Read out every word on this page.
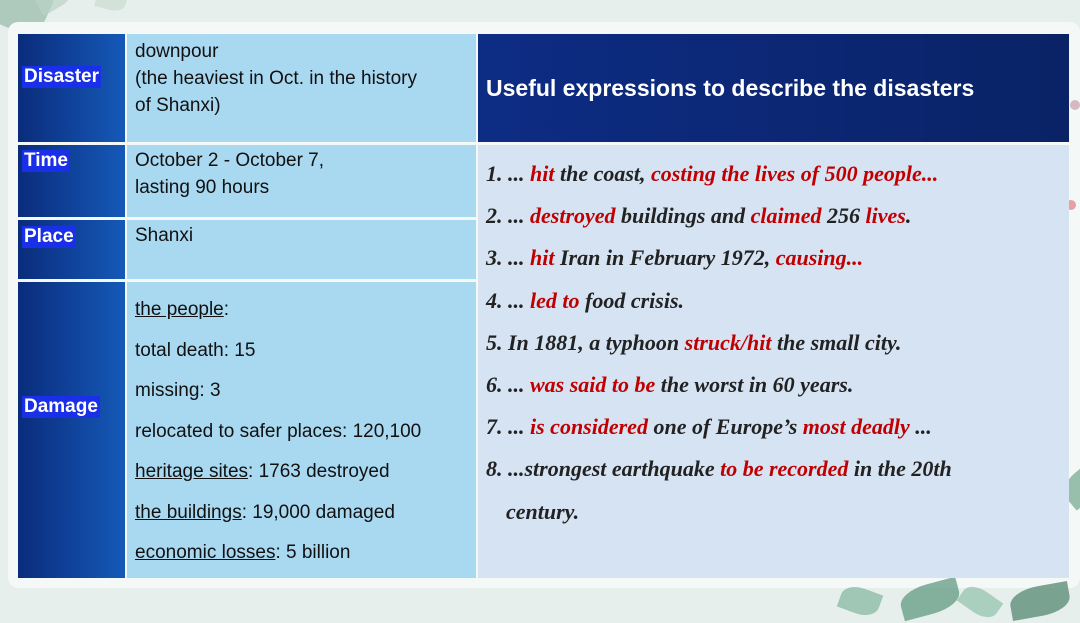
Disaster
downpour
(the heaviest in Oct. in the history
of Shanxi)
Useful expressions to describe the disasters
Time	October 2 - October 7,
lasting 90 hours
Place	Shanxi
Damage
the people:
total death: 15
missing: 3
relocated to safer places: 120,100
heritage sites: 1763 destroyed
the buildings: 19,000 damaged
economic losses: 5 billion
1. ... hit the coast, costing the lives of 500 people...
2. ... destroyed buildings and claimed 256 lives.
3. ... hit Iran in February 1972, causing...
4. ... led to food crisis.
5. In 1881, a typhoon struck/hit the small city.
6. ... was said to be the worst in 60 years.
7. ... is considered one of Europe’s most deadly ...
8. ...strongest earthquake to be recorded in the 20th
century.
